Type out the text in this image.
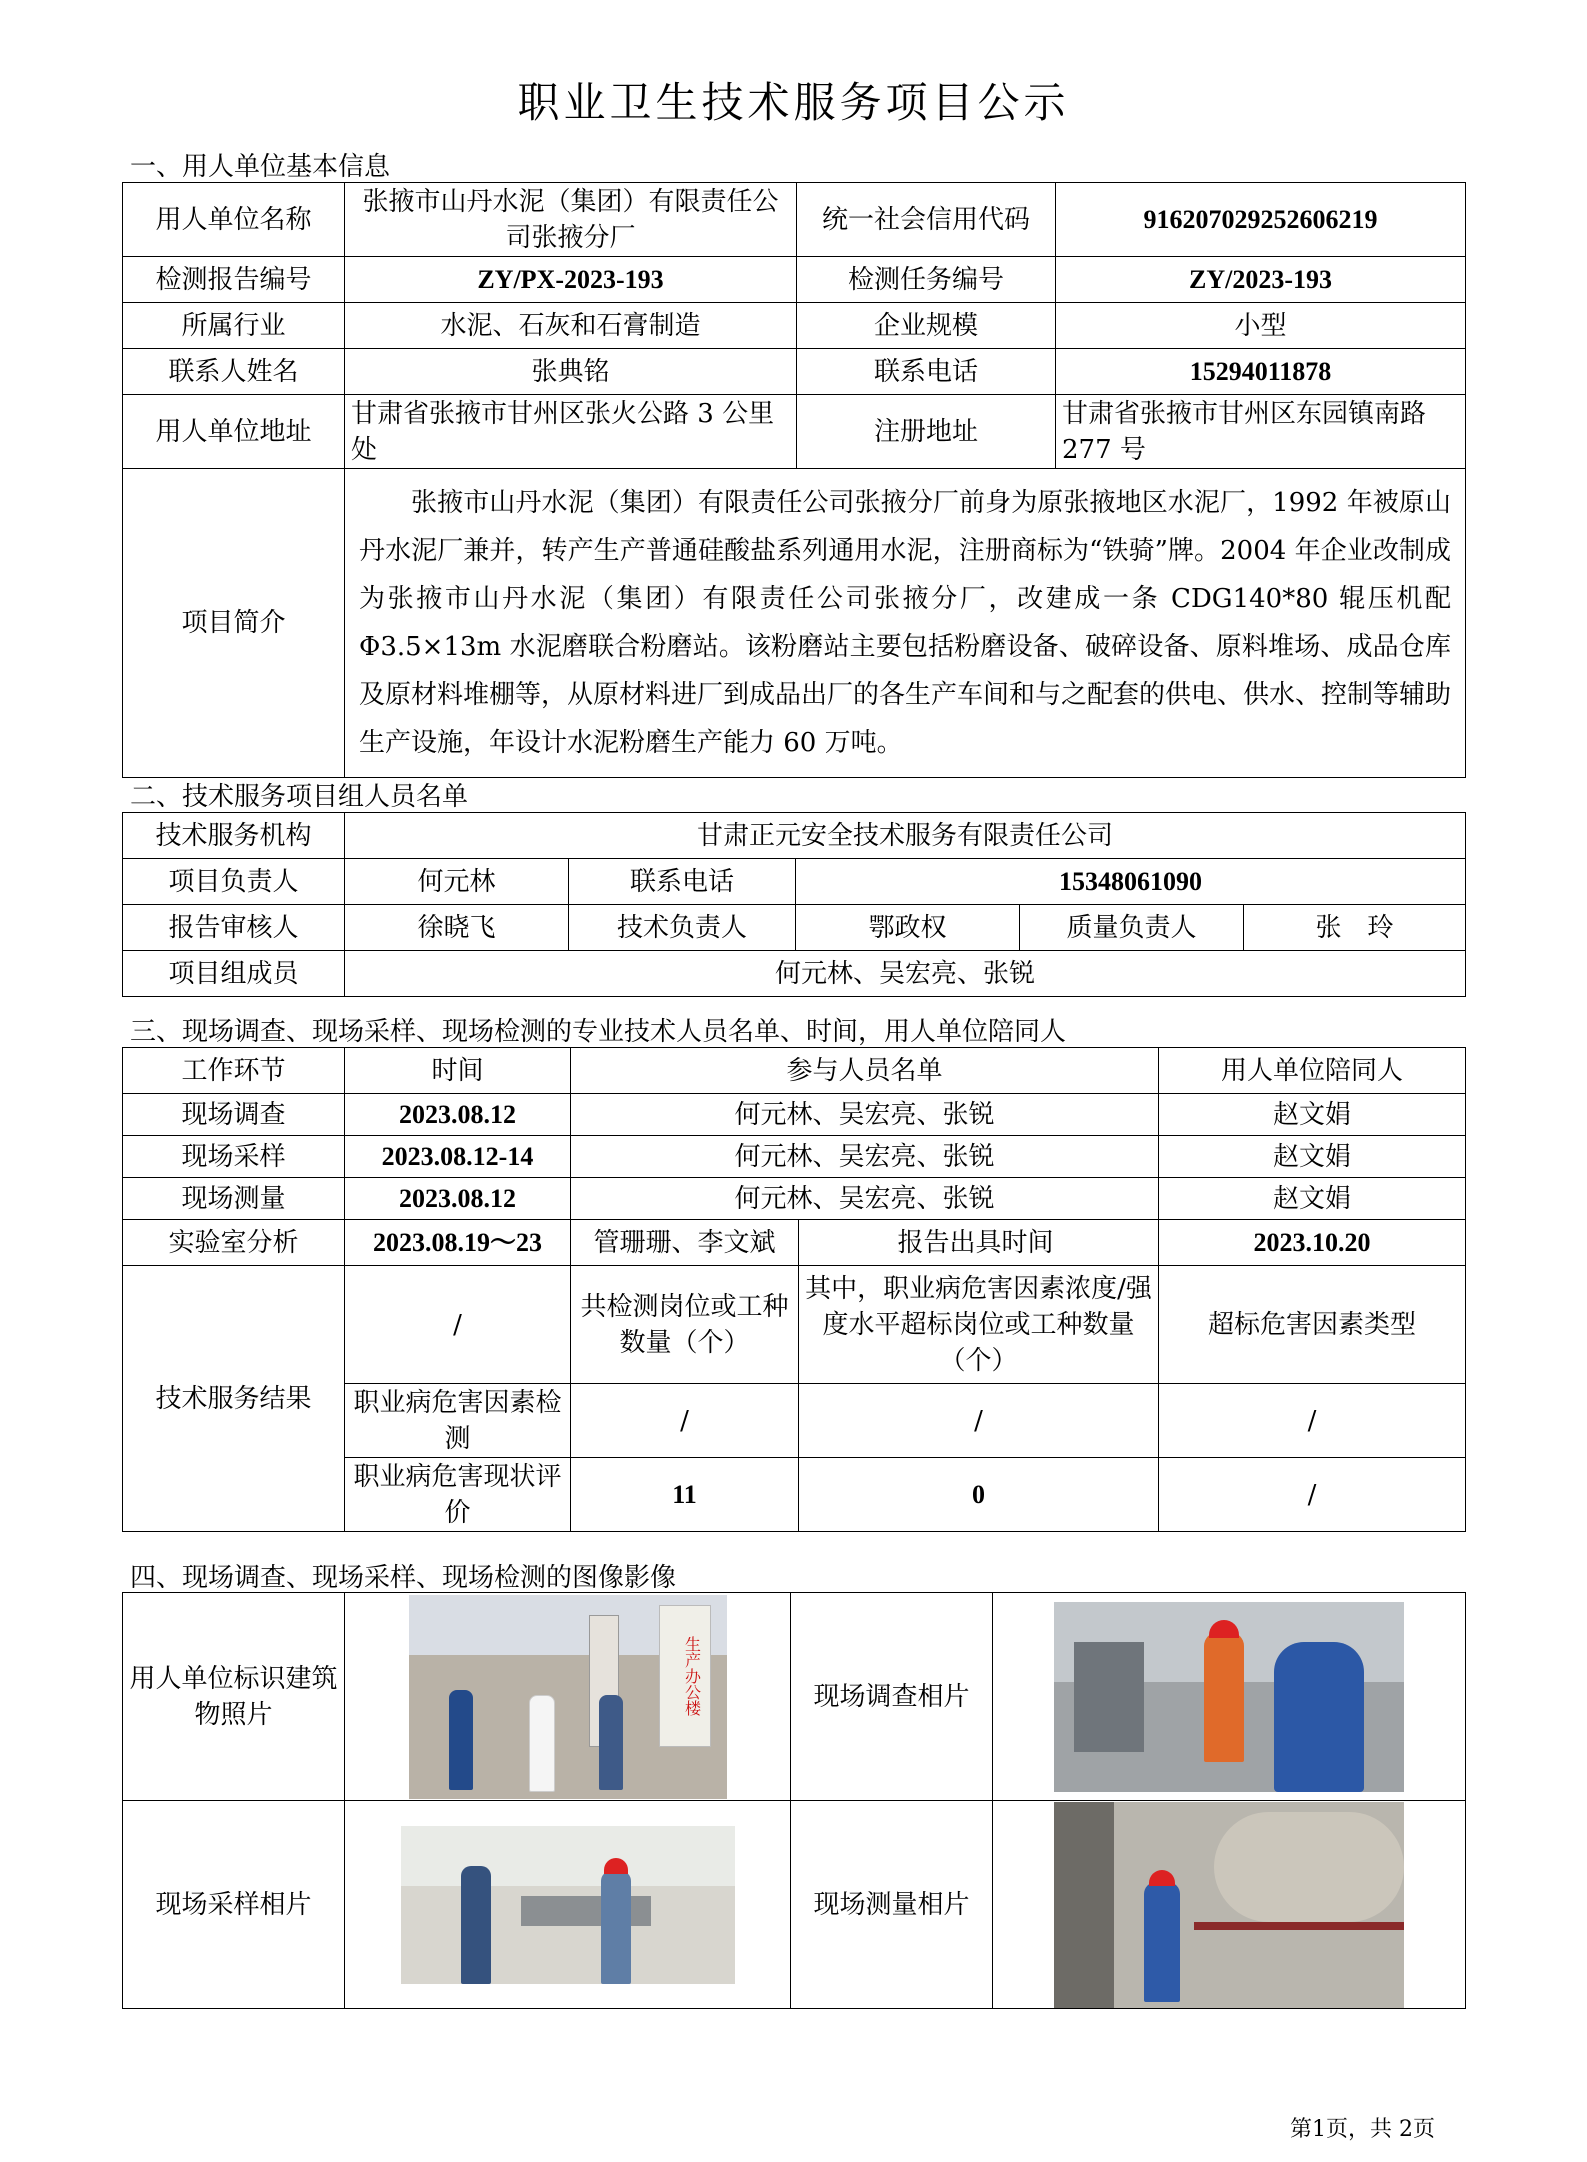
职业卫生技术服务项目公示
一、用人单位基本信息
用人单位名称	张掖市山丹水泥（集团）有限责任公司张掖分厂	统一社会信用代码	91620702925260621​9
检测报告编号	ZY/PX-2023-193	检测任务编号	ZY/2023-193
所属行业	水泥、石灰和石膏制造	企业规模	小型
联系人姓名	张典铭	联系电话	15294011878
用人单位地址	甘肃省张掖市甘州区张火公路 3 公里处	注册地址	甘肃省张掖市甘州区东园镇南路 277 号
项目简介	张掖市山丹水泥（集团）有限责任公司张掖分厂前身为原张掖地区水泥厂，1992 年被原山丹水泥厂兼并，转产生产普通硅酸盐系列通用水泥，注册商标为“铁骑”牌。2004 年企业改制成为张掖市山丹水泥（集团）有限责任公司张掖分厂，改建成一条 CDG140*80 辊压机配 Φ3.5×13m 水泥磨联合粉磨站。该粉磨站主要包括粉磨设备、破碎设备、原料堆场、成品仓库及原材料堆棚等，从原材料进厂到成品出厂的各生产车间和与之配套的供电、供水、控制等辅助生产设施，年设计水泥粉磨生产能力 60 万吨。		
二、技术服务项目组人员名单
技术服务机构	甘肃正元安全技术服务有限责任公司				
项目负责人	何元林	联系电话	15348061090		
报告审核人	徐晓飞	技术负责人	鄂政权	质量负责人	张　玲
项目组成员	何元林、吴宏亮、张锐				
三、现场调查、现场采样、现场检测的专业技术人员名单、时间，用人单位陪同人
工作环节	时间	参与人员名单		用人单位陪同人
现场调查	2023.08.12	何元林、吴宏亮、张锐		赵文娟
现场采样	2023.08.12-14	何元林、吴宏亮、张锐		赵文娟
现场测量	2023.08.12	何元林、吴宏亮、张锐		赵文娟
实验室分析	2023.08.19～23	管珊珊、李文斌	报告出具时间	2023.10.20
技术服务结果	/	共检测岗位或工种数量（个）	其中，职业病危害因素浓度/强度水平超标岗位或工种数量（个）	超标危害因素类型
	职业病危害因素检测	/	/	/
	职业病危害现状评价	11	0	/
四、现场调查、现场采样、现场检测的图像影像
用人单位标识建筑物照片	生产办公楼	现场调查相片	

现场采样相片		现场测量相片	
第1页，共 2页
